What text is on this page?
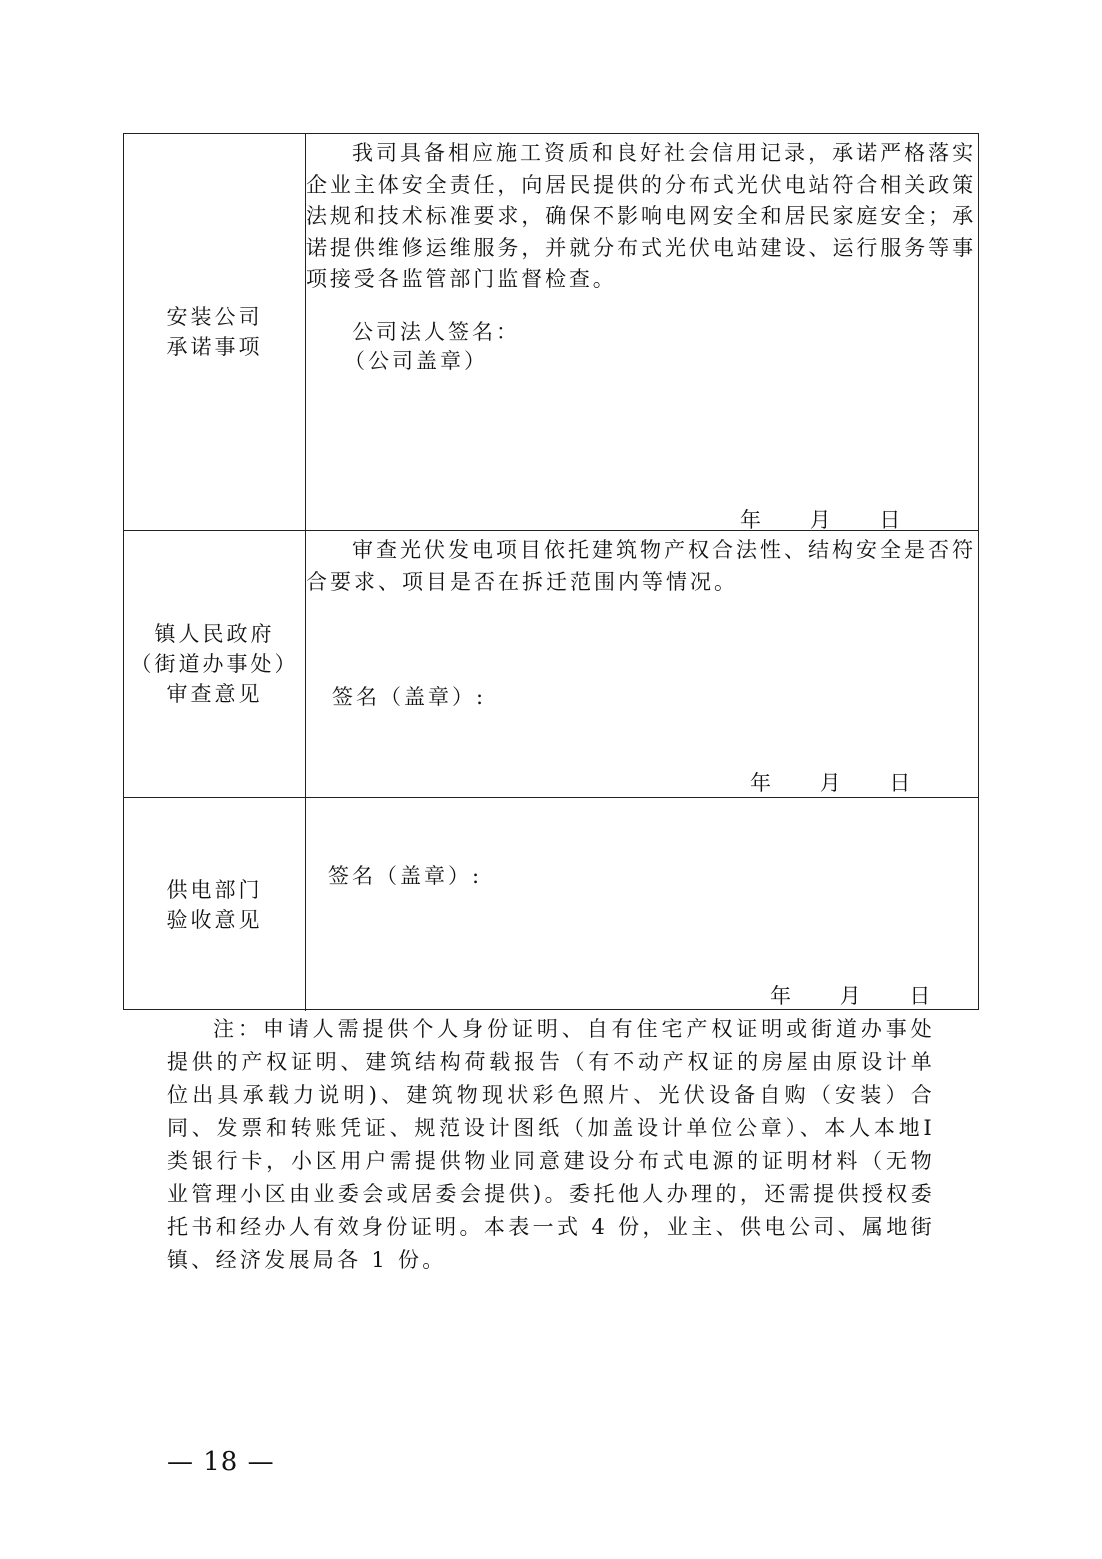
安装公司
承诺事项

我司具备相应施工资质和良好社会信用记录，承诺严格落实企业主体安全责任，向居民提供的分布式光伏电站符合相关政策法规和技术标准要求，确保不影响电网安全和居民家庭安全；承诺提供维修运维服务，并就分布式光伏电站建设、运行服务等事项接受各监管部门监督检查。

公司法人签名：
（公司盖章）
年 月 日
镇人民政府
（街道办事处）
审查意见

审查光伏发电项目依托建筑物产权合法性、结构安全是否符合要求、项目是否在拆迁范围内等情况。

签名（盖章）:
年 月 日
供电部门
验收意见
签名（盖章）:
年 月 日

注：申请人需提供个人身份证明、自有住宅产权证明或街道办事处提供的产权证明、建筑结构荷载报告（有不动产权证的房屋由原设计单位出具承载力说明)、建筑物现状彩色照片、光伏设备自购（安装）合同、发票和转账凭证、规范设计图纸（加盖设计单位公章）、本人本地Ⅰ类银行卡，小区用户需提供物业同意建设分布式电源的证明材料（无物业管理小区由业委会或居委会提供)。委托他人办理的，还需提供授权委托书和经办人有效身份证明。本表一式 4 份，业主、供电公司、属地街镇、经济发展局各 1 份。

— 18 —
